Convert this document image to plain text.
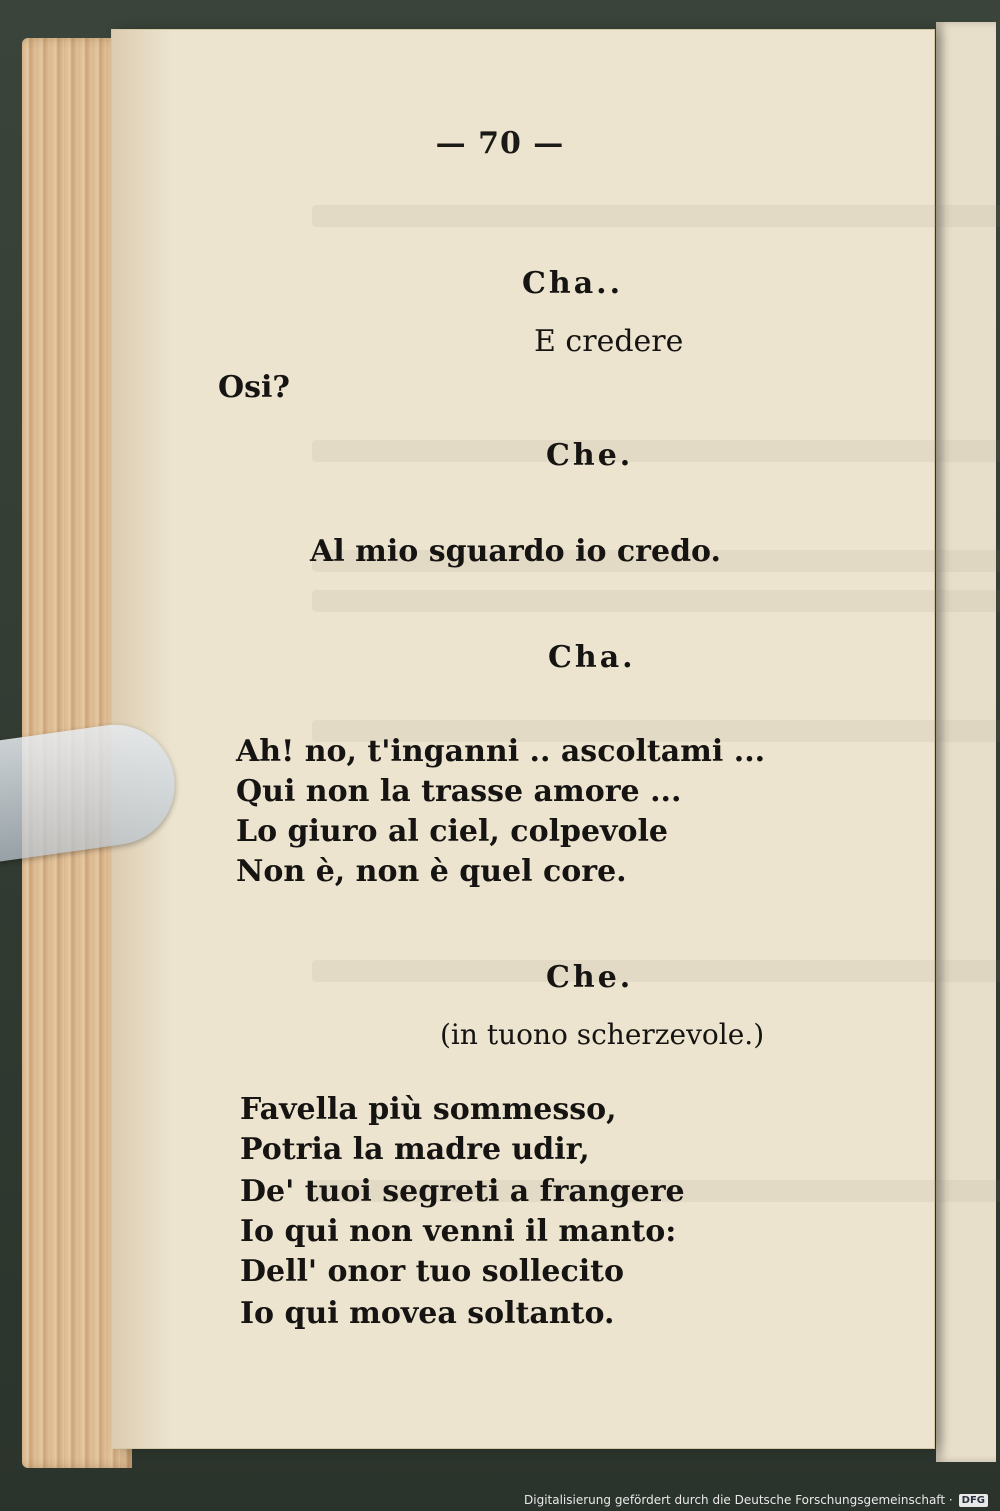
— 70 —
Cha..
E credere
Osi?
Che.
Al mio sguardo io credo.
Cha.
Ah! no, t'inganni .. ascoltami ...
Qui non la trasse amore ...
Lo giuro al ciel, colpevole
Non è, non è quel core.
Che.
(in tuono scherzevole.)
Favella più sommesso,
Potria la madre udir,
De' tuoi segreti a frangere
Io qui non venni il manto:
Dell' onor tuo sollecito
Io qui movea soltanto.
Digitalisierung gefördert durch die Deutsche Forschungsgemeinschaft · DFG
